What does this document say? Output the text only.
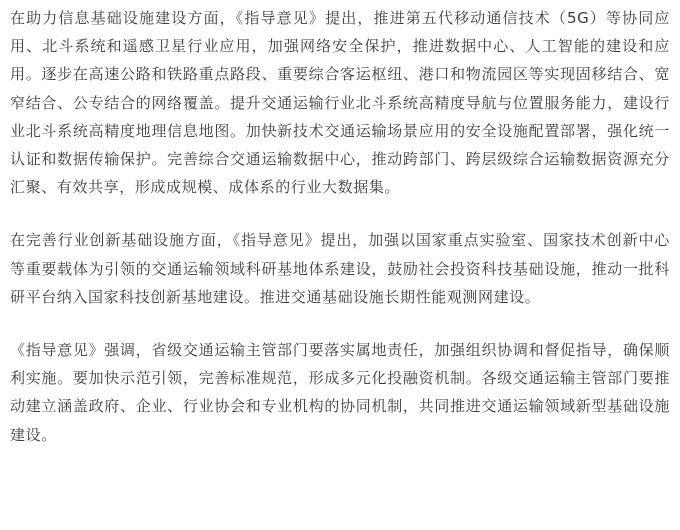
在助力信息基础设施建设方面，《指导意见》提出，推进第五代移动通信技术（5G）等协同应用、北斗系统和遥感卫星行业应用，加强网络安全保护，推进数据中心、人工智能的建设和应用。逐步在高速公路和铁路重点路段、重要综合客运枢纽、港口和物流园区等实现固移结合、宽窄结合、公专结合的网络覆盖。提升交通运输行业北斗系统高精度导航与位置服务能力，建设行业北斗系统高精度地理信息地图。加快新技术交通运输场景应用的安全设施配置部署，强化统一认证和数据传输保护。完善综合交通运输数据中心，推动跨部门、跨层级综合运输数据资源充分汇聚、有效共享，形成成规模、成体系的行业大数据集。

在完善行业创新基础设施方面，《指导意见》提出，加强以国家重点实验室、国家技术创新中心等重要载体为引领的交通运输领域科研基地体系建设，鼓励社会投资科技基础设施，推动一批科研平台纳入国家科技创新基地建设。推进交通基础设施长期性能观测网建设。

《指导意见》强调，省级交通运输主管部门要落实属地责任，加强组织协调和督促指导，确保顺利实施。要加快示范引领，完善标准规范，形成多元化投融资机制。各级交通运输主管部门要推动建立涵盖政府、企业、行业协会和专业机构的协同机制，共同推进交通运输领域新型基础设施建设。
